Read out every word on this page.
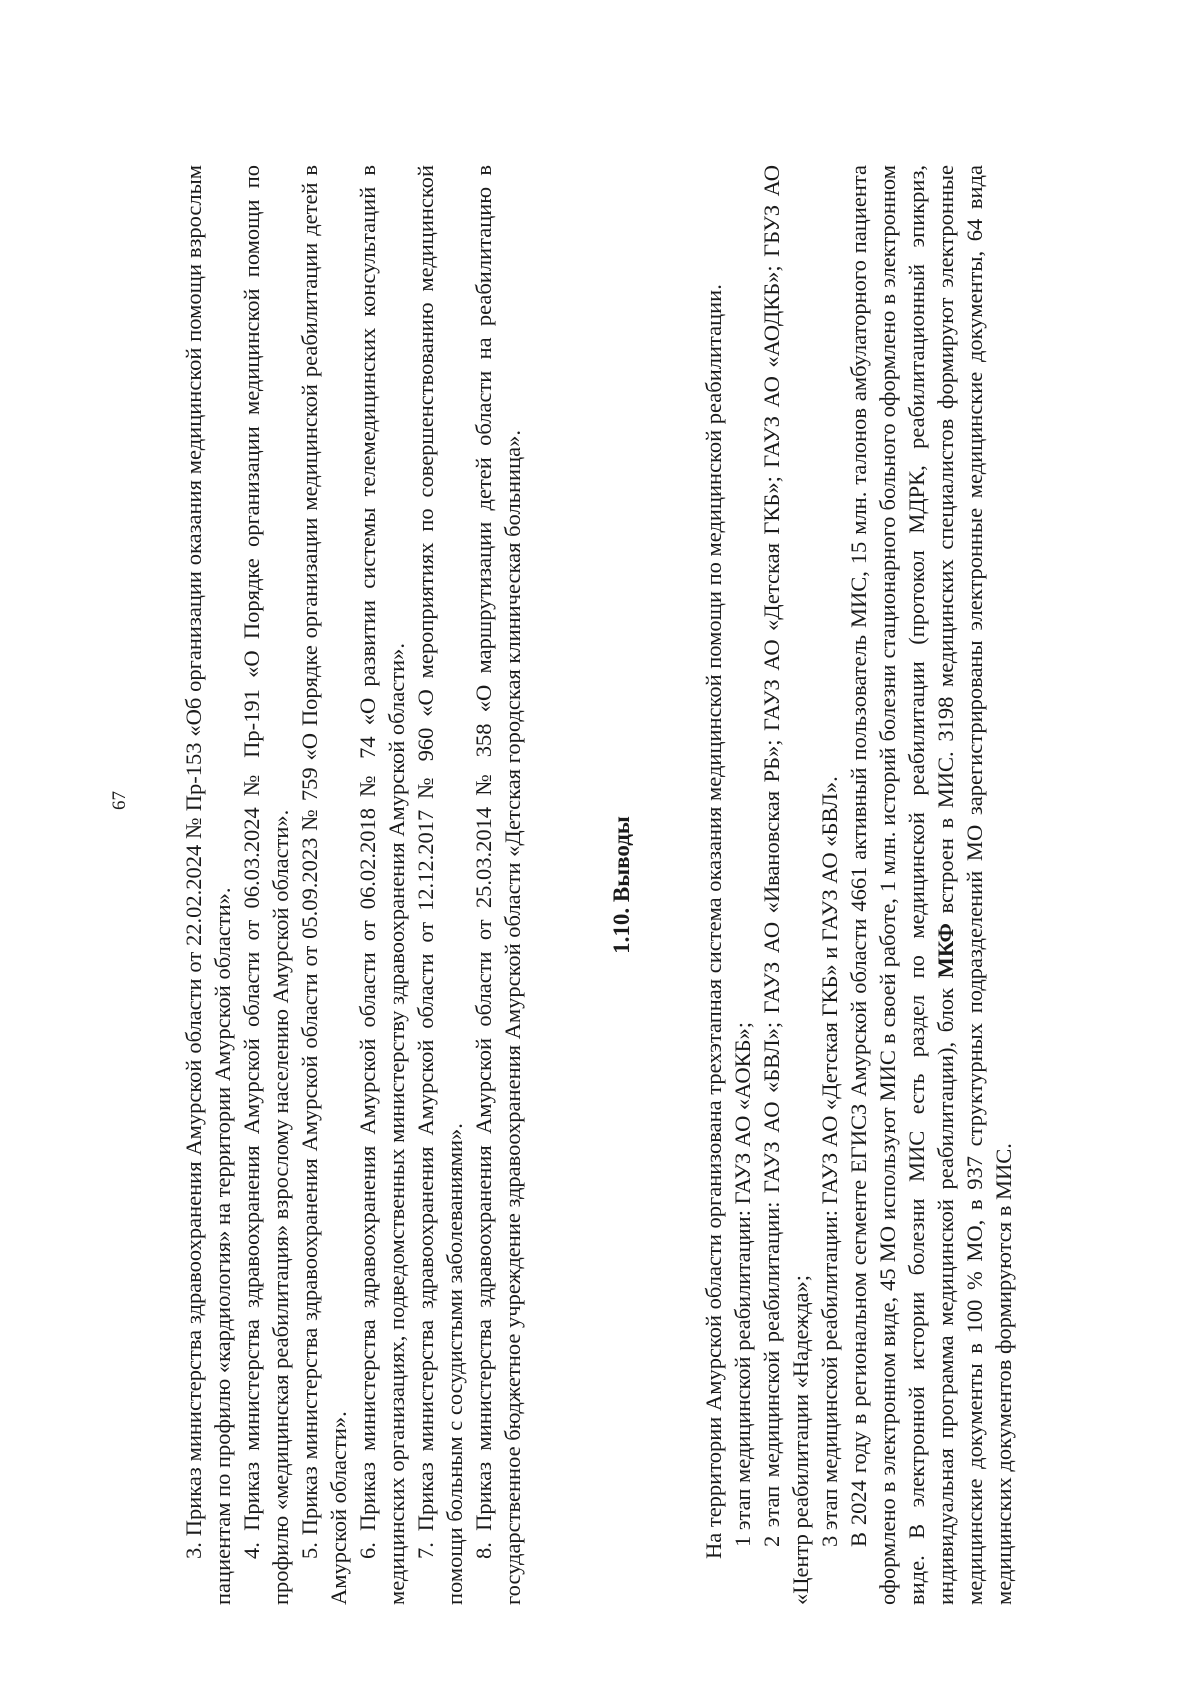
67 3. Приказ министерства здравоохранения Амурской области от 22.02.2024 № Пр-153 «Об организации оказания медицинской помощи взрослым пациентам по профилю «кардиология» на территории Амурской области». 4. Приказ министерства здравоохранения Амурской области от 06.03.2024 № Пр-191 «О Порядке организации медицинской помощи по профилю «медицинская реабилитация» взрослому населению Амурской области». 5. Приказ министерства здравоохранения Амурской области от 05.09.2023 № 759 «О Порядке организации медицинской реабилитации детей в Амурской области». 6. Приказ министерства здравоохранения Амурской области от 06.02.2018 № 74 «О развитии системы телемедицинских консультаций в медицинских организациях, подведомственных министерству здравоохранения Амурской области». 7. Приказ министерства здравоохранения Амурской области от 12.12.2017 № 960 «О мероприятиях по совершенствованию медицинской помощи больным с сосудистыми заболеваниями». 8. Приказ министерства здравоохранения Амурской области от 25.03.2014 № 358 «О маршрутизации детей области на реабилитацию в государственное бюджетное учреждение здравоохранения Амурской области «Детская городская клиническая больница».	1.10. Выводы	На территории Амурской области организована трехэтапная система оказания медицинской помощи по медицинской реабилитации. 1 этап медицинской реабилитации: ГАУЗ АО «АОКБ»; 2 этап медицинской реабилитации: ГАУЗ АО «БВЛ»; ГАУЗ АО «Ивановская РБ»; ГАУЗ АО «Детская ГКБ»; ГАУЗ АО «АОДКБ»; ГБУЗ АО «Центр реабилитации «Надежда»; 3 этап медицинской реабилитации: ГАУЗ АО «Детская ГКБ» и ГАУЗ АО «БВЛ». В 2024 году в региональном сегменте ЕГИСЗ Амурской области 4661 активный пользователь МИС, 15 млн. талонов амбулаторного пациента оформлено в электронном виде, 45 МО используют МИС в своей работе, 1 млн. историй болезни стационарного больного оформлено в электронном виде. В электронной истории болезни МИС есть раздел по медицинской реабилитации (протокол МДРК, реабилитационный эпикриз, индивидуальная программа медицинской реабилитации), блок МКФ встроен в МИС. 3198 медицинских специалистов формируют электронные медицинские документы в 100 % МО, в 937 структурных подразделений МО зарегистрированы электронные медицинские документы, 64 вида медицинских документов формируются в МИС.
